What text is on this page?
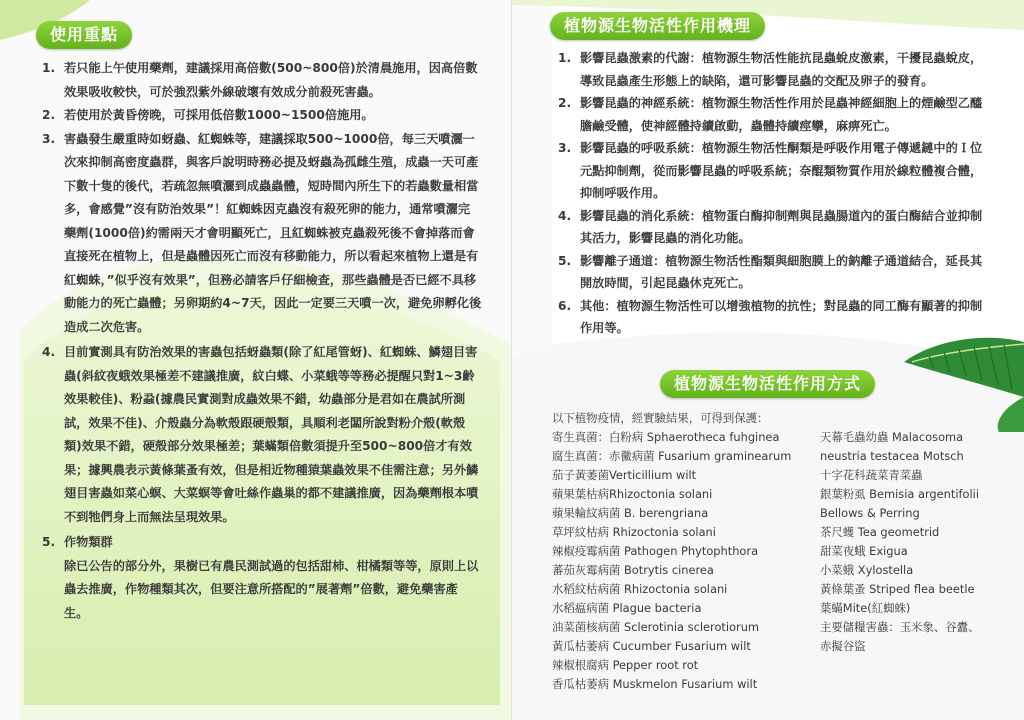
使用重點
1. 若只能上午使用藥劑，建議採用高倍數(500~800倍)於清晨施用，因高倍數效果吸收較快，可於強烈紫外線破壞有效成分前殺死害蟲。
2. 若使用於黃昏傍晚，可採用低倍數1000~1500倍施用。
3. 害蟲發生嚴重時如蚜蟲、紅蜘蛛等，建議採取500~1000倍，每三天噴灑一次來抑制高密度蟲群，與客戶說明時務必提及蚜蟲為孤雌生殖，成蟲一天可產下數十隻的後代，若疏忽無噴灑到成蟲蟲體，短時間內所生下的若蟲數量相當多，會感覺”沒有防治效果”！紅蜘蛛因克蟲沒有殺死卵的能力，通常噴灑完藥劑(1000倍)約需兩天才會明顯死亡，且紅蜘蛛被克蟲殺死後不會掉落而會直接死在植物上，但是蟲體因死亡而沒有移動能力，所以看起來植物上還是有紅蜘蛛，”似乎沒有效果”，但務必請客戶仔細檢查，那些蟲體是否已經不具移動能力的死亡蟲體；另卵期約4~7天，因此一定要三天噴一次，避免卵孵化後造成二次危害。
4. 目前實測具有防治效果的害蟲包括蚜蟲類(除了紅尾管蚜)、紅蜘蛛、鱗翅目害蟲(斜紋夜蛾效果極差不建議推廣，紋白蝶、小菜蛾等等務必提醒只對1~3齡效果較佳)、粉蝨(據農民實測對成蟲效果不錯，幼蟲部分是君如在農試所測試，效果不佳)、介殼蟲分為軟殼跟硬殼類，具順利老闆所說對粉介殼(軟殼類)效果不錯，硬殼部分效果極差；葉蟎類倍數須提升至500~800倍才有效果；據興農表示黃條葉蚤有效，但是相近物種猿葉蟲效果不佳需注意；另外鱗翅目害蟲如菜心螟、大菜螟等會吐絲作蟲巢的都不建議推廣，因為藥劑根本噴不到牠們身上而無法呈現效果。
5. 作物類群
除已公告的部分外，果樹已有農民測試過的包括甜柿、柑橘類等等，原則上以蟲去推廣，作物種類其次，但要注意所搭配的”展著劑”倍數，避免藥害產生。
植物源生物活性作用機理
1. 影響昆蟲激素的代謝：植物源生物活性能抗昆蟲蛻皮激素，干擾昆蟲蛻皮，導致昆蟲產生形態上的缺陷，還可影響昆蟲的交配及卵子的發育。
2. 影響昆蟲的神經系統：植物源生物活性作用於昆蟲神經細胞上的煙鹼型乙醯膽鹼受體，使神經體持續啟動，蟲體持續痙攣，麻痹死亡。
3. 影響昆蟲的呼吸系統：植物源生物活性酮類是呼吸作用電子傳遞鏈中的Ｉ位元點抑制劑，從而影響昆蟲的呼吸系統；奈醌類物質作用於線粒體複合體，抑制呼吸作用。
4. 影響昆蟲的消化系統：植物蛋白酶抑制劑與昆蟲腸道內的蛋白酶結合並抑制其活力，影響昆蟲的消化功能。
5. 影響離子通道：植物源生物活性酯類與細胞膜上的鈉離子通道結合，延長其開放時間，引起昆蟲休克死亡。
6. 其他：植物源生物活性可以增強植物的抗性；對昆蟲的同工酶有顯著的抑制作用等。
植物源生物活性作用方式
以下植物疫情，經實驗結果，可得到保護：
寄生真菌：白粉病 Sphaerotheca fuhginea
腐生真菌：赤黴病菌 Fusarium graminearum
茄子黃萎菌Verticillium wilt
蘋果葉枯病Rhizoctonia solani
蘋果輪紋病菌 B. berengriana
草坪紋枯病 Rhizoctonia solani
辣椒疫霉病菌 Pathogen Phytophthora
蕃茄灰霉病菌 Botrytis cinerea
水稻紋枯病菌 Rhizoctonia solani
水稻瘟病菌 Plague bacteria
油菜菌核病菌 Sclerotinia sclerotiorum
黃瓜枯萎病 Cucumber Fusarium wilt
辣椒根腐病 Pepper root rot
香瓜枯萎病 Muskmelon Fusarium wilt
天幕毛蟲幼蟲 Malacosoma
neustria testacea Motsch
十字花科蔬菜青菜蟲
銀葉粉虱 Bemisia argentifolii
Bellows & Perring
茶尺蠖 Tea geometrid
甜菜夜蛾 Exigua
小菜蛾 Xylostella
黃條葉蚤 Striped flea beetle
葉蟎Mite(紅蜘蛛)
主要儲糧害蟲：玉米象、谷蠹、
赤擬谷盜
